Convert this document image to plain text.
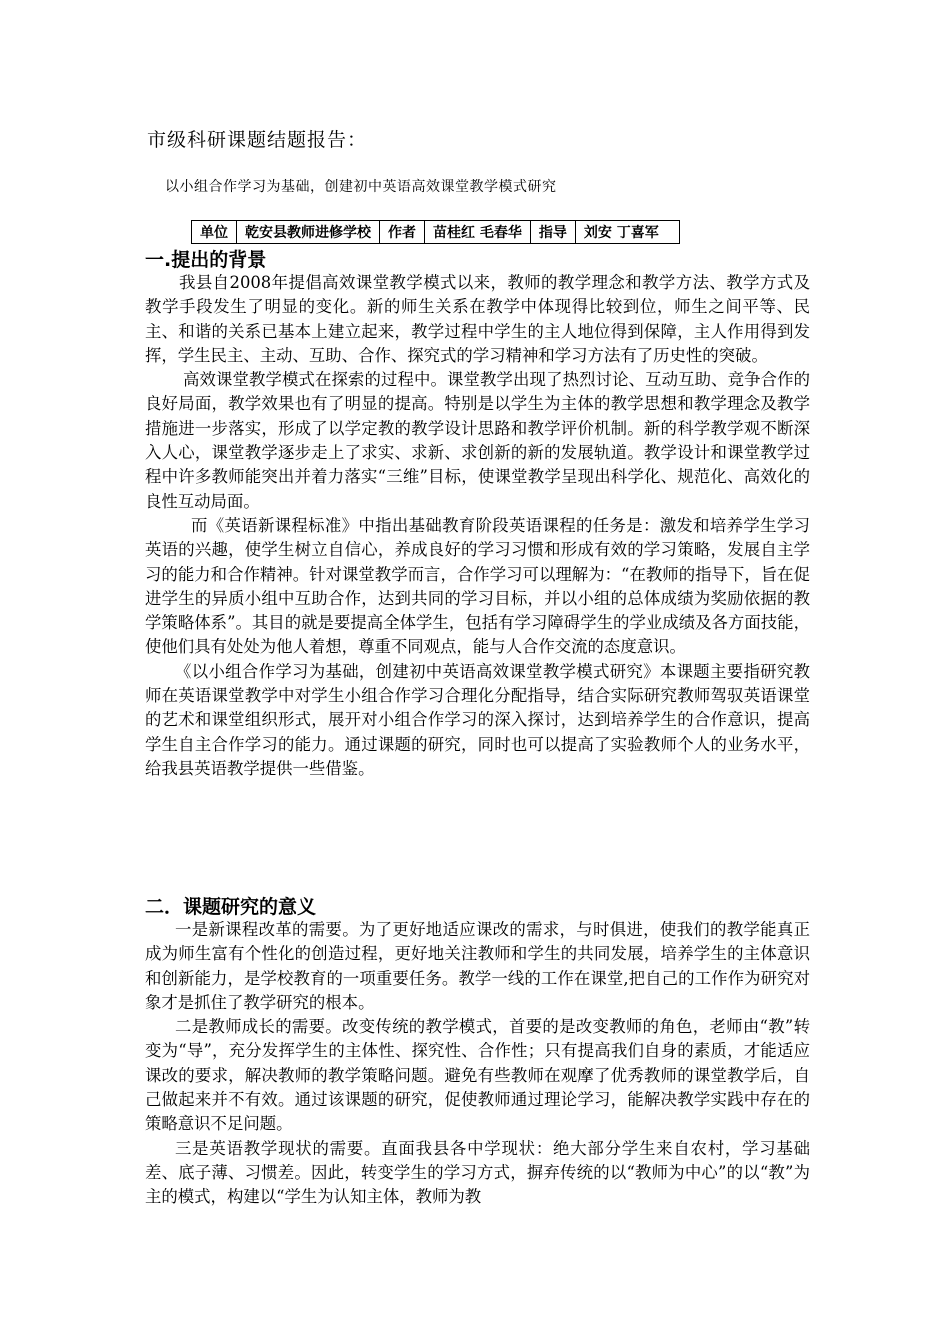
市级科研课题结题报告：
以小组合作学习为基础，创建初中英语高效课堂教学模式研究
单位	乾安县教师进修学校	作者	苗桂红 毛春华	指导	刘安 丁喜军
一.提出的背景

我县自2008年提倡高效课堂教学模式以来，教师的教学理念和教学方法、教学方式及教学手段发生了明显的变化。新的师生关系在教学中体现得比较到位，师生之间平等、民主、和谐的关系已基本上建立起来，教学过程中学生的主人地位得到保障，主人作用得到发挥，学生民主、主动、互助、合作、探究式的学习精神和学习方法有了历史性的突破。

高效课堂教学模式在探索的过程中。课堂教学出现了热烈讨论、互动互助、竞争合作的良好局面，教学效果也有了明显的提高。特别是以学生为主体的教学思想和教学理念及教学措施进一步落实，形成了以学定教的教学设计思路和教学评价机制。新的科学教学观不断深入人心，课堂教学逐步走上了求实、求新、求创新的新的发展轨道。教学设计和课堂教学过程中许多教师能突出并着力落实“三维”目标，使课堂教学呈现出科学化、规范化、高效化的良性互动局面。

而《英语新课程标准》中指出基础教育阶段英语课程的任务是：激发和培养学生学习英语的兴趣，使学生树立自信心，养成良好的学习习惯和形成有效的学习策略，发展自主学习的能力和合作精神。针对课堂教学而言，合作学习可以理解为：“在教师的指导下，旨在促进学生的异质小组中互助合作，达到共同的学习目标，并以小组的总体成绩为奖励依据的教学策略体系”。其目的就是要提高全体学生，包括有学习障碍学生的学业成绩及各方面技能，使他们具有处处为他人着想，尊重不同观点，能与人合作交流的态度意识。

《以小组合作学习为基础，创建初中英语高效课堂教学模式研究》本课题主要指研究教师在英语课堂教学中对学生小组合作学习合理化分配指导，结合实际研究教师驾驭英语课堂的艺术和课堂组织形式，展开对小组合作学习的深入探讨，达到培养学生的合作意识，提高学生自主合作学习的能力。通过课题的研究，同时也可以提高了实验教师个人的业务水平，给我县英语教学提供一些借鉴。

二．课题研究的意义

一是新课程改革的需要。为了更好地适应课改的需求，与时俱进，使我们的教学能真正成为师生富有个性化的创造过程，更好地关注教师和学生的共同发展，培养学生的主体意识和创新能力，是学校教育的一项重要任务。教学一线的工作在课堂,把自己的工作作为研究对象才是抓住了教学研究的根本。

二是教师成长的需要。改变传统的教学模式，首要的是改变教师的角色，老师由“教”转变为“导”，充分发挥学生的主体性、探究性、合作性；只有提高我们自身的素质，才能适应课改的要求，解决教师的教学策略问题。避免有些教师在观摩了优秀教师的课堂教学后，自己做起来并不有效。通过该课题的研究，促使教师通过理论学习，能解决教学实践中存在的策略意识不足问题。

三是英语教学现状的需要。直面我县各中学现状：绝大部分学生来自农村，学习基础差、底子薄、习惯差。因此，转变学生的学习方式，摒弃传统的以“教师为中心”的以“教”为主的模式，构建以“学生为认知主体，教师为教
